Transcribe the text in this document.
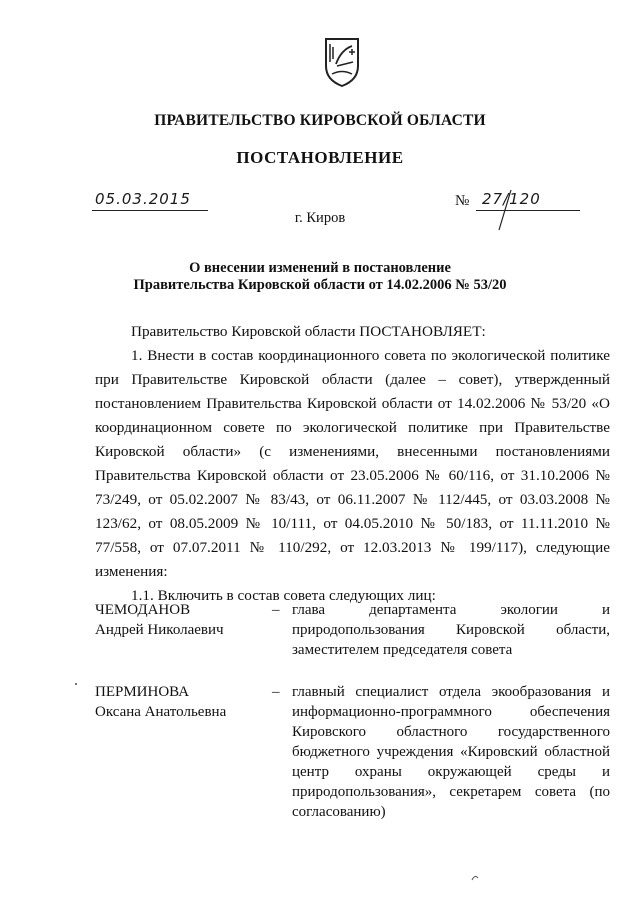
ПРАВИТЕЛЬСТВО КИРОВСКОЙ ОБЛАСТИ
ПОСТАНОВЛЕНИЕ
05.03.2015	№ 27/120
г. Киров
О внесении изменений в постановление
Правительства Кировской области от 14.02.2006 № 53/20

Правительство Кировской области ПОСТАНОВЛЯЕТ:

1. Внести в состав координационного совета по экологической политике при Правительстве Кировской области (далее – совет), утвержденный постановлением Правительства Кировской области от 14.02.2006 № 53/20 «О координационном совете по экологической политике при Правительстве Кировской области» (с изменениями, внесенными постановлениями Правительства Кировской области от 23.05.2006 № 60/116, от 31.10.2006 № 73/249, от 05.02.2007 № 83/43, от 06.11.2007 № 112/445, от 03.03.2008 № 123/62, от 08.05.2009 № 10/111, от 04.05.2010 № 50/183, от 11.11.2010 № 77/558, от 07.07.2011 № 110/292, от 12.03.2013 № 199/117), следующие изменения:

1.1. Включить в состав совета следующих лиц:

ЧЕМОДАНОВ
Андрей Николаевич
– глава департамента экологии и природопользования Кировской области, заместителем председателя совета
ПЕРМИНОВА
Оксана Анатольевна
– главный специалист отдела экообразования и информационно-программного обеспечения Кировского областного государственного бюджетного учреждения «Кировский областной центр охраны окружающей среды и природопользования», секретарем совета (по согласованию)
